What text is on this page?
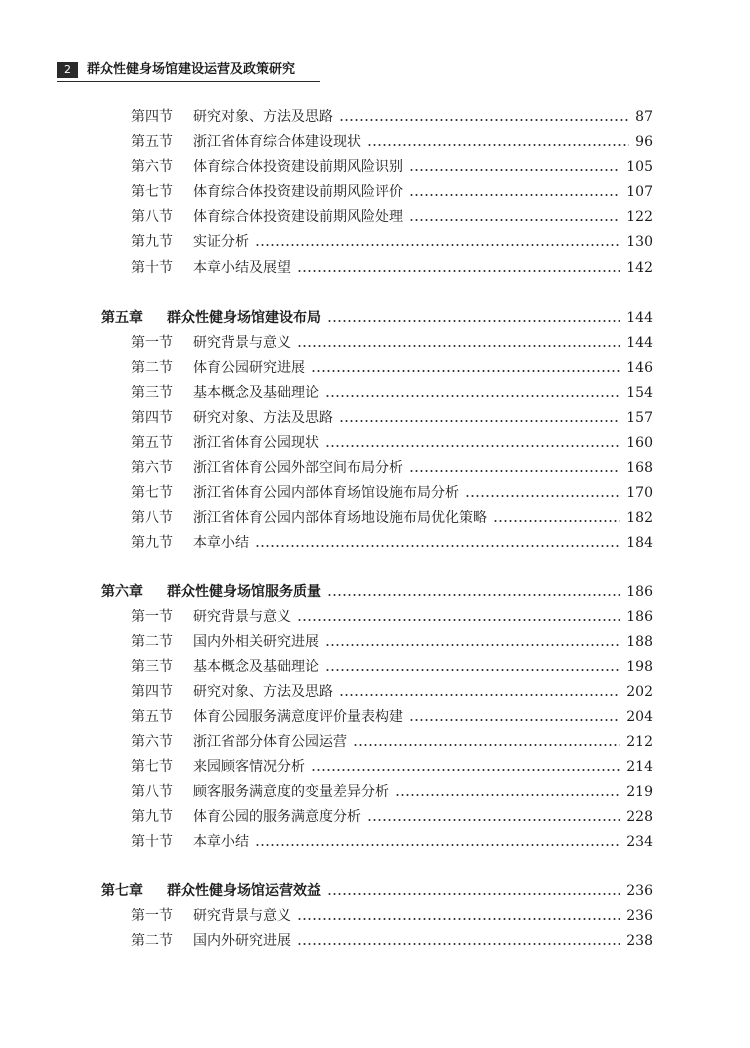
2	群众性健身场馆建设运营及政策研究
第四节	研究对象、方法及思路	87
第五节	浙江省体育综合体建设现状	96
第六节	体育综合体投资建设前期风险识别	105
第七节	体育综合体投资建设前期风险评价	107
第八节	体育综合体投资建设前期风险处理	122
第九节	实证分析	130
第十节	本章小结及展望	142
第五章	群众性健身场馆建设布局	144
第一节	研究背景与意义	144
第二节	体育公园研究进展	146
第三节	基本概念及基础理论	154
第四节	研究对象、方法及思路	157
第五节	浙江省体育公园现状	160
第六节	浙江省体育公园外部空间布局分析	168
第七节	浙江省体育公园内部体育场馆设施布局分析	170
第八节	浙江省体育公园内部体育场地设施布局优化策略	182
第九节	本章小结	184
第六章	群众性健身场馆服务质量	186
第一节	研究背景与意义	186
第二节	国内外相关研究进展	188
第三节	基本概念及基础理论	198
第四节	研究对象、方法及思路	202
第五节	体育公园服务满意度评价量表构建	204
第六节	浙江省部分体育公园运营	212
第七节	来园顾客情况分析	214
第八节	顾客服务满意度的变量差异分析	219
第九节	体育公园的服务满意度分析	228
第十节	本章小结	234
第七章	群众性健身场馆运营效益	236
第一节	研究背景与意义	236
第二节	国内外研究进展	238
